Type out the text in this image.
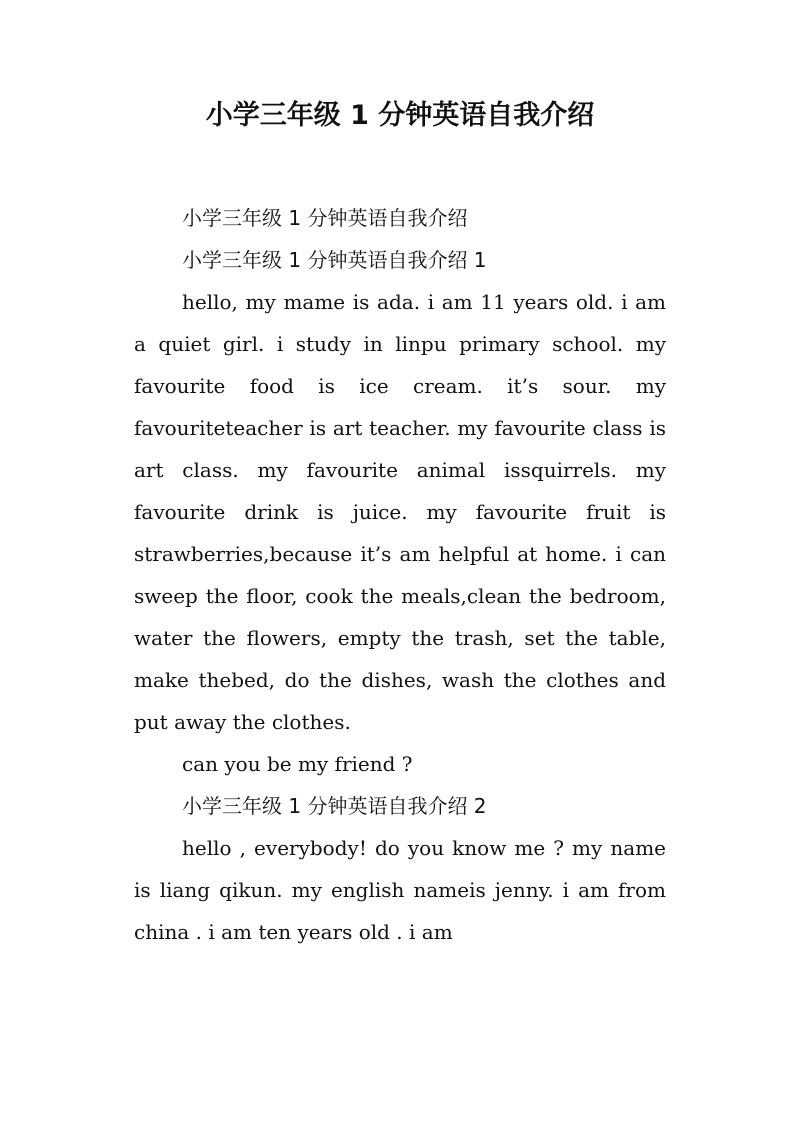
小学三年级 1 分钟英语自我介绍

小学三年级 1 分钟英语自我介绍

小学三年级 1 分钟英语自我介绍 1

hello, my mame is ada. i am 11 years old. i am a quiet girl. i study in linpu primary school. my favourite food is ice cream. it’s sour. my favouriteteacher is art teacher. my favourite class is art class. my favourite animal issquirrels. my favourite drink is juice. my favourite fruit is strawberries,because it’s am helpful at home. i can sweep the floor, cook the meals,clean the bedroom, water the flowers, empty the trash, set the table, make thebed, do the dishes, wash the clothes and put away the clothes.

can you be my friend ?

小学三年级 1 分钟英语自我介绍 2

hello , everybody! do you know me ? my name is liang qikun. my english nameis jenny. i am from china . i am ten years old . i am
